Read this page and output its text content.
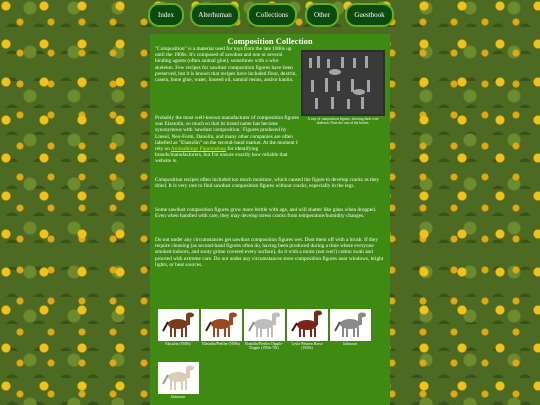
Index	Alterhuman	Collections	Other	Guestbook
Composition Collection
A tray of composition figures, showing their wire skeleton. Note the cast of the horses.

"Composition" is a material used for toys from the late 1800s up until the 1900s. It's composed of sawdust and one or several binding agents (often animal glue), sometimes with a wire skeleton. Few recipes for sawdust composition figures have been preserved, but it is known that recipes have included flour, dextrin, casein, bone glue, water, linseed oil, natural resins, and/or kaolin.

Probably the most well-known manufacturer of composition figures was Elastolin, so much so that its brand name has become synonymous with 'sawdust composition.' Figures produced by Lineol, Neo-Form, Danolin, and many other companies are often labelled as "Elastolin" on the second-hand market. At the moment I rely on Animalkings Figurenshop for identifying brands/manufacturers, but I'm unsure exactly how reliable that website is.

Composition recipes often included too much moisture, which caused the figure to develop cracks as they dried. It is very rare to find sawdust composition figures without cracks, especially in the legs.

Some sawdust composition figures grow more brittle with age, and will shatter like glass when dropped. Even when handled with care, they may develop stress cracks from temperature/humidity changes.

Do not under any circumstances get sawdust composition figures wet. Dust them off with a brush. If they require cleaning (as second-hand figures often do, having been produced during a time where everyone smoked indoors, and sooty grime covered every surface), do it with a moist (not wet!) cotton swab and proceed with extreme care. Do not under any circumstances store composition figures near windows, bright lights, or heat sources.

Elastolin (1930s)	Elastolin/Pfeiffer (1950s)	Elastolin/Pfeiffer Dapple-Dapple (1950s-70s)
Leyla Western Horse (1950s)
Unknown
Unknown
